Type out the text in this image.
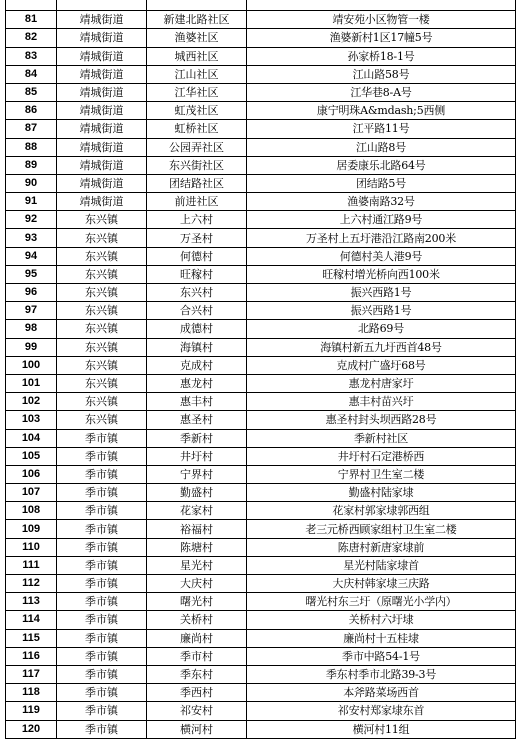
81	靖城街道	新建北路社区	靖安苑小区物管一楼
82	靖城街道	渔婆社区	渔婆新村1区17幢5号
83	靖城街道	城西社区	孙家桥18-1号
84	靖城街道	江山社区	江山路58号
85	靖城街道	江华社区	江华巷8-A号
86	靖城街道	虹茂社区	康宁明珠A&mdash;5西侧
87	靖城街道	虹桥社区	江平路11号
88	靖城街道	公园弄社区	江山路8号
89	靖城街道	东兴街社区	居委康乐北路64号
90	靖城街道	团结路社区	团结路5号
91	靖城街道	前进社区	渔婆南路32号
92	东兴镇	上六村	上六村通江路9号
93	东兴镇	万圣村	万圣村上五圩港沿江路南200米
94	东兴镇	何德村	何德村美人港9号
95	东兴镇	旺稼村	旺稼村增光桥向西100米
96	东兴镇	东兴村	振兴西路1号
97	东兴镇	合兴村	振兴西路1号
98	东兴镇	成德村	北路69号
99	东兴镇	海镇村	海镇村新五九圩西首48号
100	东兴镇	克成村	克成村广盛圩68号
101	东兴镇	惠龙村	惠龙村唐家圩
102	东兴镇	惠丰村	惠丰村苗兴圩
103	东兴镇	惠圣村	惠圣村封头坝西路28号
104	季市镇	季新村	季新村社区
105	季市镇	井圩村	井圩村石定港桥西
106	季市镇	宁界村	宁界村卫生室二楼
107	季市镇	勤盛村	勤盛村陆家埭
108	季市镇	花家村	花家村郭家埭郭西组
109	季市镇	裕福村	老三元桥西顾家组村卫生室二楼
110	季市镇	陈塘村	陈唐村新唐家埭前
111	季市镇	星光村	星光村陆家埭首
112	季市镇	大庆村	大庆村韩家埭三庆路
113	季市镇	曙光村	曙光村东三圩（原曙光小学内）
114	季市镇	关桥村	关桥村六圩埭
115	季市镇	廉尚村	廉尚村十五桂埭
116	季市镇	季市村	季市中路54-1号
117	季市镇	季东村	季东村季市北路39-3号
118	季市镇	季西村	本斧路菜场西首
119	季市镇	祁安村	祁安村郑家埭东首
120	季市镇	横河村	横河村11组
